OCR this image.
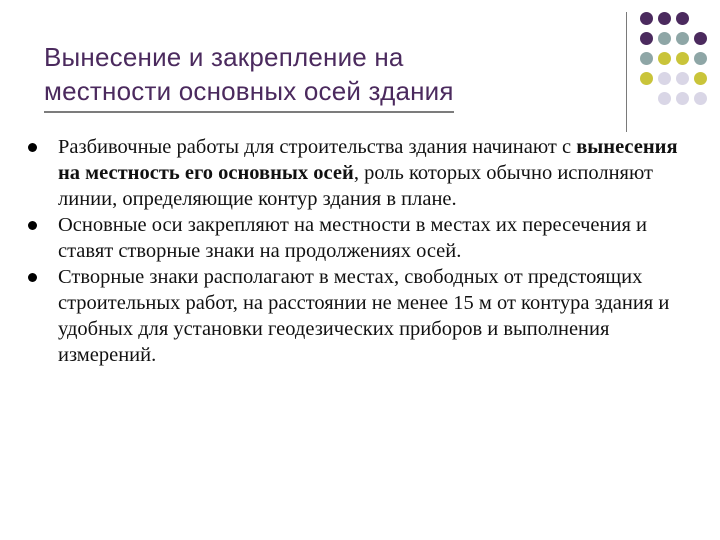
Вынесение и закрепление на
местности основных осей здания
Разбивочные работы для строительства здания начинают с вынесения на местность его основных осей, роль которых обычно исполняют линии, определяющие контур здания в плане.
Основные оси закрепляют на местности в местах их пересечения и ставят створные знаки на продолжениях осей.
Створные знаки располагают в местах, свободных от предстоящих строительных работ, на расстоянии не менее 15 м от контура здания и удобных для установки геодезических приборов и выполнения измерений.
